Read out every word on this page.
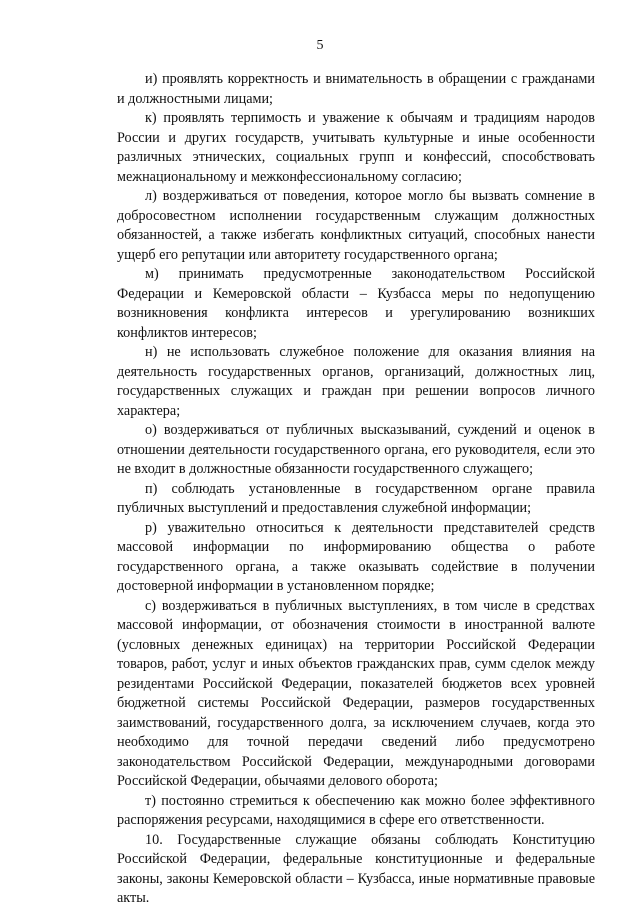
5

и) проявлять корректность и внимательность в обращении с гражданами и должностными лицами;

к) проявлять терпимость и уважение к обычаям и традициям народов России и других государств, учитывать культурные и иные особенности различных этнических, социальных групп и конфессий, способствовать межнациональному и межконфессиональному согласию;

л) воздерживаться от поведения, которое могло бы вызвать сомнение в добросовестном исполнении государственным служащим должностных обязанностей, а также избегать конфликтных ситуаций, способных нанести ущерб его репутации или авторитету государственного органа;

м) принимать предусмотренные законодательством Российской Федерации и Кемеровской области – Кузбасса меры по недопущению возникновения конфликта интересов и урегулированию возникших конфликтов интересов;

н) не использовать служебное положение для оказания влияния на деятельность государственных органов, организаций, должностных лиц, государственных служащих и граждан при решении вопросов личного характера;

о) воздерживаться от публичных высказываний, суждений и оценок в отношении деятельности государственного органа, его руководителя, если это не входит в должностные обязанности государственного служащего;

п) соблюдать установленные в государственном органе правила публичных выступлений и предоставления служебной информации;

р) уважительно относиться к деятельности представителей средств массовой информации по информированию общества о работе государственного органа, а также оказывать содействие в получении достоверной информации в установленном порядке;

с) воздерживаться в публичных выступлениях, в том числе в средствах массовой информации, от обозначения стоимости в иностранной валюте (условных денежных единицах) на территории Российской Федерации товаров, работ, услуг и иных объектов гражданских прав, сумм сделок между резидентами Российской Федерации, показателей бюджетов всех уровней бюджетной системы Российской Федерации, размеров государственных заимствований, государственного долга, за исключением случаев, когда это необходимо для точной передачи сведений либо предусмотрено законодательством Российской Федерации, международными договорами Российской Федерации, обычаями делового оборота;

т) постоянно стремиться к обеспечению как можно более эффективного распоряжения ресурсами, находящимися в сфере его ответственности.

10. Государственные служащие обязаны соблюдать Конституцию Российской Федерации, федеральные конституционные и федеральные законы, законы Кемеровской области – Кузбасса, иные нормативные правовые акты.
